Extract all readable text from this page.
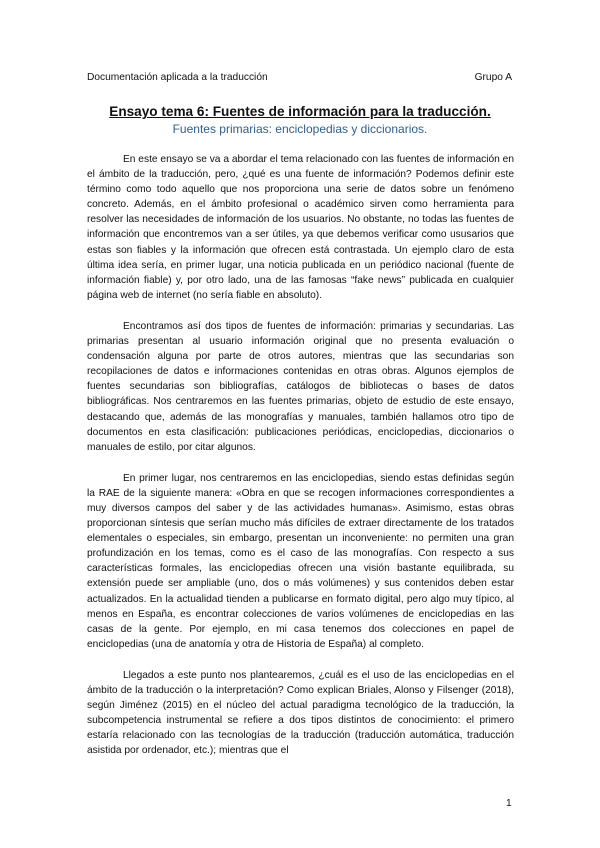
Documentación aplicada a la traducción	Grupo A
Ensayo tema 6: Fuentes de información para la traducción.
Fuentes primarias: enciclopedias y diccionarios.

En este ensayo se va a abordar el tema relacionado con las fuentes de información en el ámbito de la traducción, pero, ¿qué es una fuente de información? Podemos definir este término como todo aquello que nos proporciona una serie de datos sobre un fenómeno concreto. Además, en el ámbito profesional o académico sirven como herramienta para resolver las necesidades de información de los usuarios. No obstante, no todas las fuentes de información que encontremos van a ser útiles, ya que debemos verificar como ususarios que estas son fiables y la información que ofrecen está contrastada. Un ejemplo claro de esta última idea sería, en primer lugar, una noticia publicada en un periódico nacional (fuente de información fiable) y, por otro lado, una de las famosas “fake news” publicada en cualquier página web de internet (no sería fiable en absoluto).

Encontramos así dos tipos de fuentes de información: primarias y secundarias. Las primarias presentan al usuario información original que no presenta evaluación o condensación alguna por parte de otros autores, mientras que las secundarias son recopilaciones de datos e informaciones contenidas en otras obras. Algunos ejemplos de fuentes secundarias son bibliografías, catálogos de bibliotecas o bases de datos bibliográficas. Nos centraremos en las fuentes primarias, objeto de estudio de este ensayo, destacando que, además de las monografías y manuales, también hallamos otro tipo de documentos en esta clasificación: publicaciones periódicas, enciclopedias, diccionarios o manuales de estilo, por citar algunos.

En primer lugar, nos centraremos en las enciclopedias, siendo estas definidas según la RAE de la siguiente manera: «Obra en que se recogen informaciones correspondientes a muy diversos campos del saber y de las actividades humanas». Asimismo, estas obras proporcionan síntesis que serían mucho más difíciles de extraer directamente de los tratados elementales o especiales, sin embargo, presentan un inconveniente: no permiten una gran profundización en los temas, como es el caso de las monografías. Con respecto a sus características formales, las enciclopedias ofrecen una visión bastante equilibrada, su extensión puede ser ampliable (uno, dos o más volúmenes) y sus contenidos deben estar actualizados. En la actualidad tienden a publicarse en formato digital, pero algo muy típico, al menos en España, es encontrar colecciones de varios volúmenes de enciclopedias en las casas de la gente. Por ejemplo, en mi casa tenemos dos colecciones en papel de enciclopedias (una de anatomía y otra de Historia de España) al completo.

Llegados a este punto nos plantearemos, ¿cuál es el uso de las enciclopedias en el ámbito de la traducción o la interpretación? Como explican Briales, Alonso y Filsenger (2018), según Jiménez (2015) en el núcleo del actual paradigma tecnológico de la traducción, la subcompetencia instrumental se refiere a dos tipos distintos de conocimiento: el primero estaría relacionado con las tecnologías de la traducción (traducción automática, traducción asistida por ordenador, etc.); mientras que el

1
